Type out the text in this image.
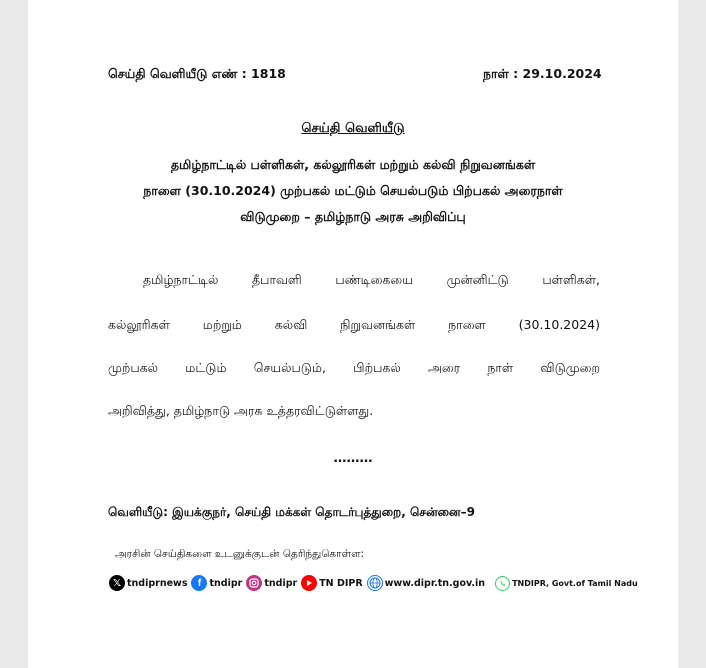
செய்தி வெளியீடு எண் : 1818	நாள் : 29.10.2024
செய்தி வெளியீடு
தமிழ்நாட்டில் பள்ளிகள், கல்லூரிகள் மற்றும் கல்வி நிறுவனங்கள்
நாளை (30.10.2024) முற்பகல் மட்டும் செயல்படும் பிற்பகல் அரைநாள்
விடுமுறை – தமிழ்நாடு அரசு அறிவிப்பு
தமிழ்நாட்டில் தீபாவளி பண்டிகையை முன்னிட்டு பள்ளிகள்,
கல்லூரிகள் மற்றும் கல்வி நிறுவனங்கள் நாளை (30.10.2024)
முற்பகல் மட்டும் செயல்படும், பிற்பகல் அரை நாள் விடுமுறை
அறிவித்து, தமிழ்நாடு அரசு உத்தரவிட்டுள்ளது.
………
வெளியீடு: இயக்குநர், செய்தி மக்கள் தொடர்புத்துறை, சென்னை–9
அரசின் செய்திகளை உடனுக்குடன் தெரிந்துகொள்ள:
𝕏 tndiprnews	f tndipr tndipr TN DIPR www.dipr.tn.gov.in	TNDIPR, Govt.of Tamil Nadu
